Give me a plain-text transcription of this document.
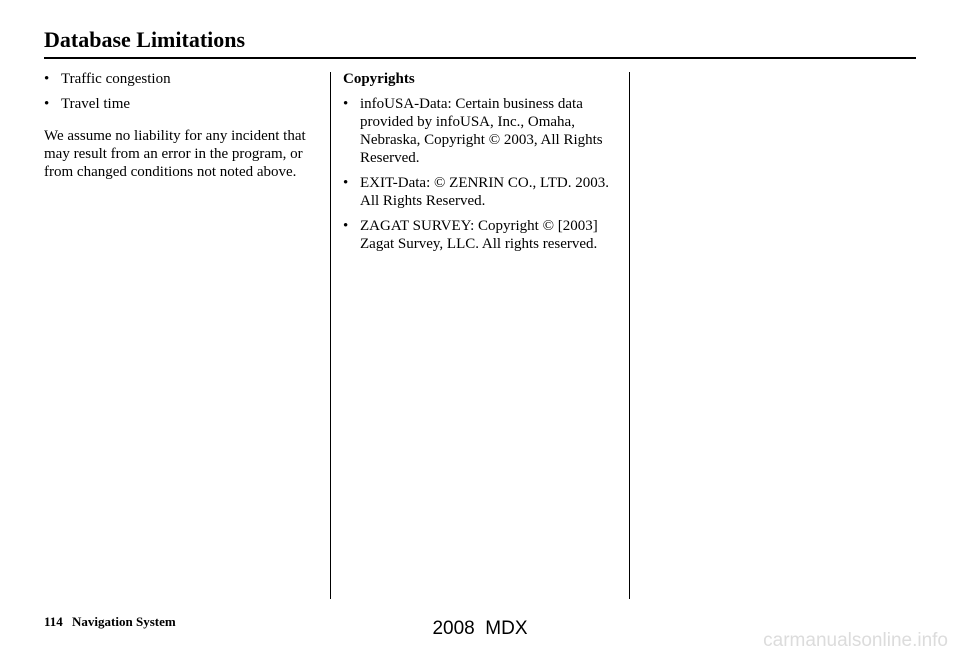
Database Limitations
• Traffic congestion
• Travel time

We assume no liability for any incident that may result from an error in the program, or from changed conditions not noted above.

Copyrights
• infoUSA-Data: Certain business data provided by infoUSA, Inc., Omaha, Nebraska, Copyright © 2003, All Rights Reserved.
• EXIT-Data: © ZENRIN CO., LTD. 2003. All Rights Reserved.
• ZAGAT SURVEY: Copyright © [2003] Zagat Survey, LLC. All rights reserved.
114 Navigation System	2008  MDX
carmanualsonline.info
